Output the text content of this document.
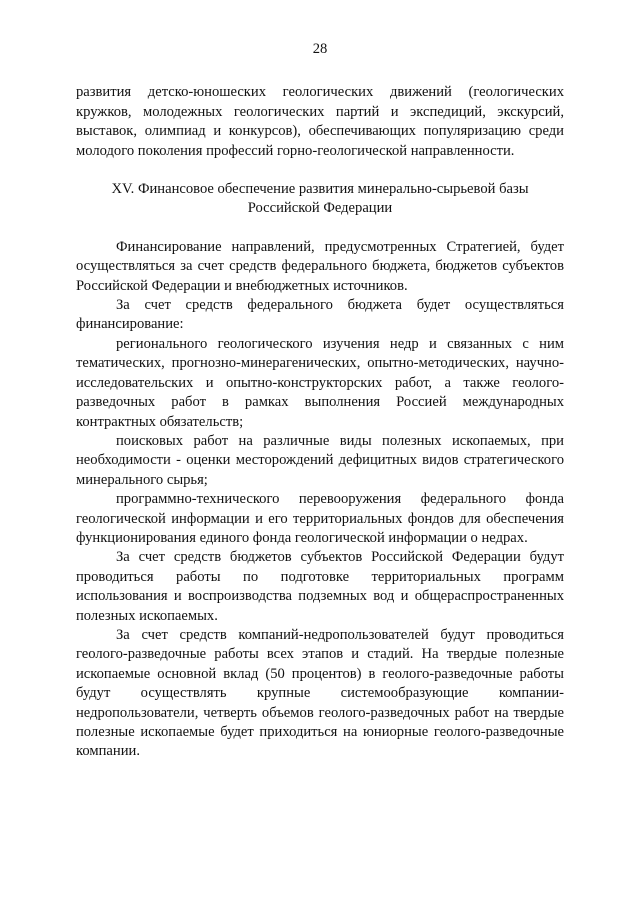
28

развития детско-юношеских геологических движений (геологических кружков, молодежных геологических партий и экспедиций, экскурсий, выставок, олимпиад и конкурсов), обеспечивающих популяризацию среди молодого поколения профессий горно-геологической направленности.

XV. Финансовое обеспечение развития минерально-сырьевой базы

Российской Федерации

Финансирование направлений, предусмотренных Стратегией, будет осуществляться за счет средств федерального бюджета, бюджетов субъектов Российской Федерации и внебюджетных источников.

За счет средств федерального бюджета будет осуществляться финансирование:

регионального геологического изучения недр и связанных с ним тематических, прогнозно-минерагенических, опытно-методических, научно-исследовательских и опытно-конструкторских работ, а также геолого-разведочных работ в рамках выполнения Россией международных контрактных обязательств;

поисковых работ на различные виды полезных ископаемых, при необходимости - оценки месторождений дефицитных видов стратегического минерального сырья;

программно-технического перевооружения федерального фонда геологической информации и его территориальных фондов для обеспечения функционирования единого фонда геологической информации о недрах.

За счет средств бюджетов субъектов Российской Федерации будут проводиться работы по подготовке территориальных программ использования и воспроизводства подземных вод и общераспространенных полезных ископаемых.

За счет средств компаний-недропользователей будут проводиться геолого-разведочные работы всех этапов и стадий. На твердые полезные ископаемые основной вклад (50 процентов) в геолого-разведочные работы будут осуществлять крупные системообразующие компании-недропользователи, четверть объемов геолого-разведочных работ на твердые полезные ископаемые будет приходиться на юниорные геолого-разведочные компании.
